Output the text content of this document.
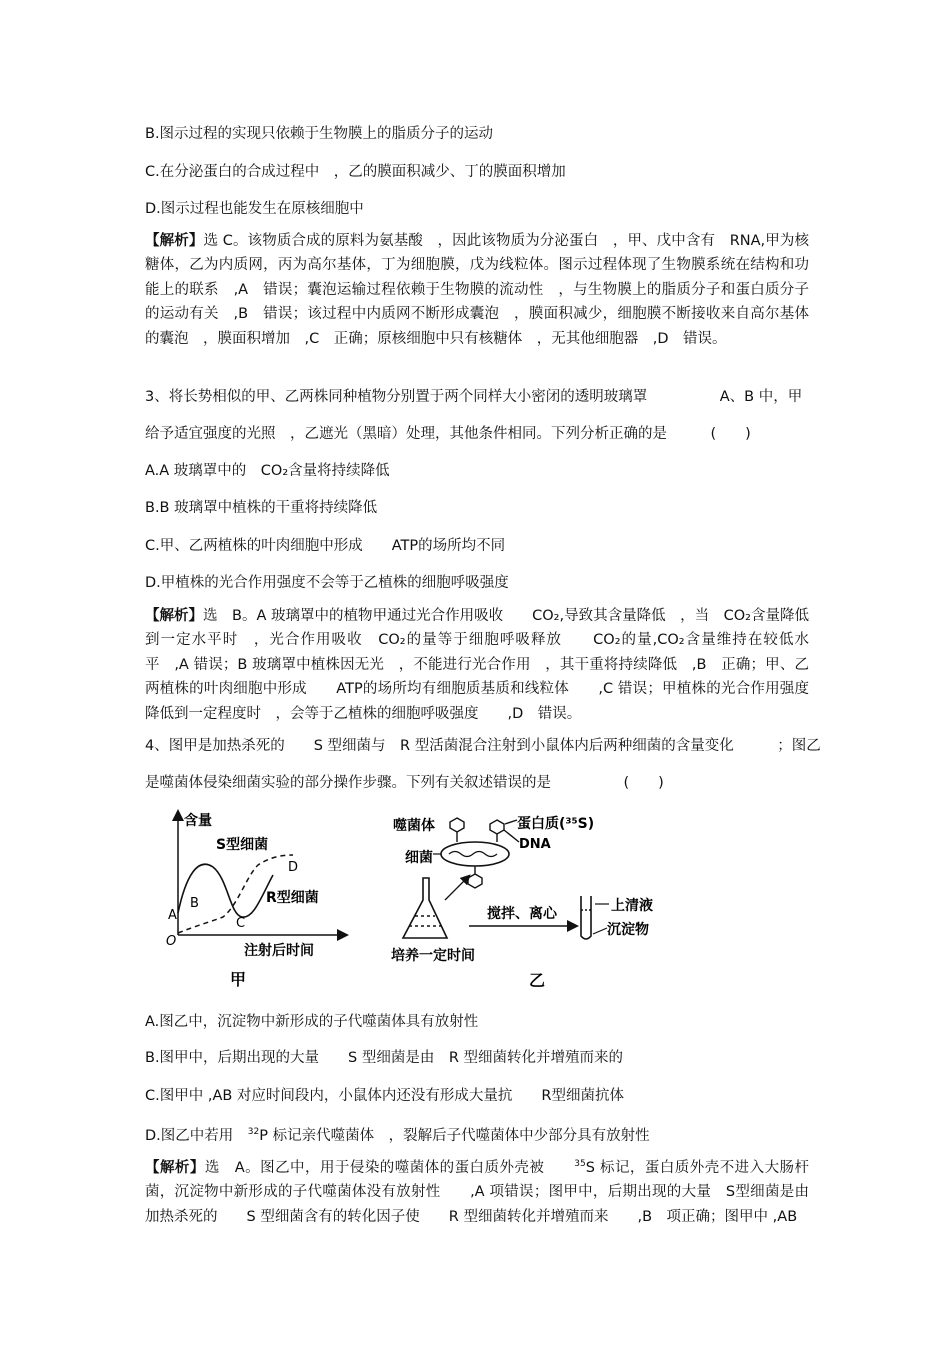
B.图示过程的实现只依赖于生物膜上的脂质分子的运动
C.在分泌蛋白的合成过程中　，乙的膜面积减少、丁的膜面积增加
D.图示过程也能发生在原核细胞中
【解析】选 C。该物质合成的原料为氨基酸　，因此该物质为分泌蛋白　，甲、戊中含有　RNA,甲为核糖体，乙为内质网，丙为高尔基体，丁为细胞膜，戊为线粒体。图示过程体现了生物膜系统在结构和功能上的联系　,A　错误；囊泡运输过程依赖于生物膜的流动性　，与生物膜上的脂质分子和蛋白质分子的运动有关　,B　错误；该过程中内质网不断形成囊泡　，膜面积减少，细胞膜不断接收来自高尔基体的囊泡　，膜面积增加　,C　正确；原核细胞中只有核糖体　，无其他细胞器　,D　错误。
3、将长势相似的甲、乙两株同种植物分别置于两个同样大小密闭的透明玻璃罩　　　　　A、B 中，甲
给予适宜强度的光照　，乙遮光（黑暗）处理，其他条件相同。下列分析正确的是　　　(　　)
A.A 玻璃罩中的　CO₂含量将持续降低
B.B 玻璃罩中植株的干重将持续降低
C.甲、乙两植株的叶肉细胞中形成　　ATP的场所均不同
D.甲植株的光合作用强度不会等于乙植株的细胞呼吸强度
【解析】选　B。A 玻璃罩中的植物甲通过光合作用吸收　　CO₂,导致其含量降低　，当　CO₂含量降低到一定水平时　，光合作用吸收　CO₂的量等于细胞呼吸释放　　CO₂的量,CO₂含量维持在较低水平　,A 错误；B 玻璃罩中植株因无光　，不能进行光合作用　，其干重将持续降低　,B　正确；甲、乙两植株的叶肉细胞中形成　　ATP的场所均有细胞质基质和线粒体　　,C 错误；甲植株的光合作用强度降低到一定程度时　，会等于乙植株的细胞呼吸强度　　,D　错误。
4、图甲是加热杀死的　　S 型细菌与　R 型活菌混合注射到小鼠体内后两种细菌的含量变化　　　；图乙
是噬菌体侵染细菌实验的部分操作步骤。下列有关叙述错误的是　　　　　(　　)
含量
O
S型细菌
R型细菌
A
B
C
D
注射后时间
甲
噬菌体	蛋白质(³⁵S)
DNA
细菌
培养一定时间
搅拌、离心	上清液
沉淀物
乙
A.图乙中，沉淀物中新形成的子代噬菌体具有放射性
B.图甲中，后期出现的大量　　S 型细菌是由　R 型细菌转化并增殖而来的
C.图甲中 ,AB 对应时间段内，小鼠体内还没有形成大量抗　　R型细菌抗体
D.图乙中若用　$^{32}$P 标记亲代噬菌体　，裂解后子代噬菌体中少部分具有放射性
【解析】选　A。图乙中，用于侵染的噬菌体的蛋白质外壳被　　$^{35}$S 标记，蛋白质外壳不进入大肠杆菌，沉淀物中新形成的子代噬菌体没有放射性　　,A 项错误；图甲中，后期出现的大量　S型细菌是由加热杀死的　　S 型细菌含有的转化因子使　　R 型细菌转化并增殖而来　　,B　项正确；图甲中 ,AB
